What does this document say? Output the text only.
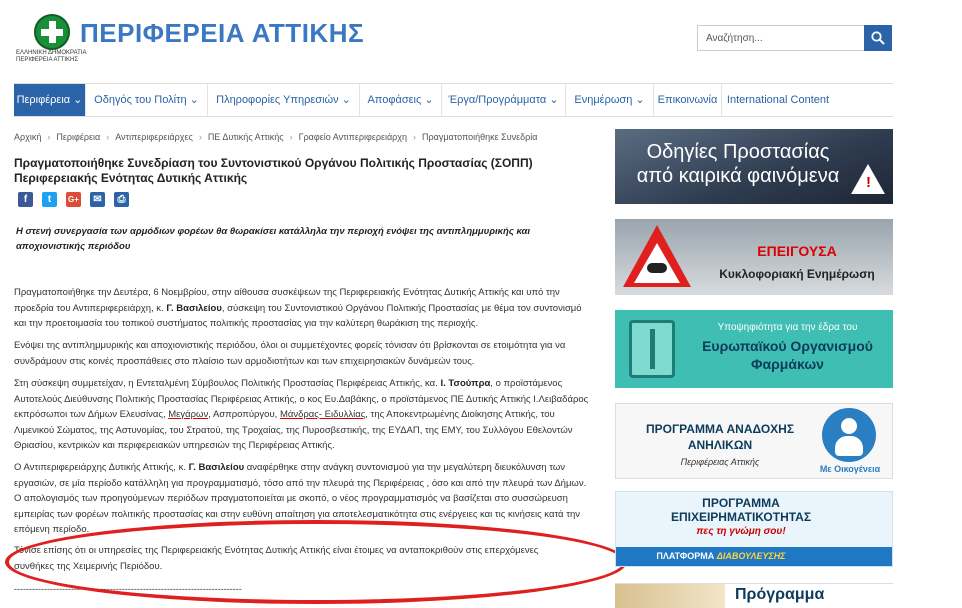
ΠΕΡΙΦΕΡΕΙΑ ΑΤΤΙΚΗΣ
ΕΛΛΗΝΙΚΗ ΔΗΜΟΚΡΑΤΙΑ
ΠΕΡΙΦΕΡΕΙΑ ΑΤΤΙΚΗΣ
Αναζήτηση...
Περιφέρεια ⌄	Οδηγός του Πολίτη ⌄	Πληροφορίες Υπηρεσιών ⌄	Αποφάσεις ⌄	Έργα/Προγράμματα ⌄	Ενημέρωση ⌄	Επικοινωνία International Content
Αρχική › Περιφέρεια › Αντιπεριφερειάρχες › ΠΕ Δυτικής Αττικής › Γραφείο Αντιπεριφερειάρχη › Πραγματοποιήθηκε Συνεδρία
Πραγματοποιήθηκε Συνεδρίαση του Συντονιστικού Οργάνου Πολιτικής Προστασίας (ΣΟΠΠ) Περιφερειακής Ενότητας Δυτικής Αττικής
f	t	G+	✉	⎙
Η στενή συνεργασία των αρμόδιων φορέων θα θωρακίσει κατάλληλα την περιοχή ενόψει της αντιπλημμυρικής και αποχιονιστικής περιόδου
Πραγματοποιήθηκε την Δευτέρα, 6 Νοεμβρίου, στην αίθουσα συσκέψεων της Περιφερειακής Ενότητας Δυτικής Αττικής και υπό την προεδρία του Αντιπεριφερειάρχη, κ. Γ. Βασιλείου, σύσκεψη του Συντονιστικού Οργάνου Πολιτικής Προστασίας με θέμα τον συντονισμό και την προετοιμασία του τοπικού συστήματος πολιτικής προστασίας για την καλύτερη θωράκιση της περιοχής.
Ενόψει της αντιπλημμυρικής και αποχιονιστικής περιόδου, όλοι οι συμμετέχοντες φορείς τόνισαν ότι βρίσκονται σε ετοιμότητα για να συνδράμουν στις κοινές προσπάθειες στο πλαίσιο των αρμοδιοτήτων και των επιχειρησιακών δυνάμεών τους.
Στη σύσκεψη συμμετείχαν, η Εντεταλμένη Σύμβουλος Πολιτικής Προστασίας Περιφέρειας Αττικής, κα. Ι. Τσούπρα, ο προϊστάμενος Αυτοτελούς Διεύθυνσης Πολιτικής Προστασίας Περιφέρειας Αττικής, ο κος Ευ.Δαβάκης, ο προϊστάμενος ΠΕ Δυτικής Αττικής Ι.Λειβαδάρος εκπρόσωποι των Δήμων Ελευσίνας, Μεγάρων, Ασπροπύργου, Μάνδρας- Ειδυλλίας, της Αποκεντρωμένης Διοίκησης Αττικής, του Λιμενικού Σώματος, της Αστυνομίας, του Στρατού, της Τροχαίας, της Πυροσβεστικής, της ΕΥΔΑΠ, της ΕΜΥ, του Συλλόγου Εθελοντών Θριασίου, κεντρικών και περιφερειακών υπηρεσιών της Περιφέρειας Αττικής.
Ο Αντιπεριφερειάρχης Δυτικής Αττικής, κ. Γ. Βασιλείου αναφέρθηκε στην ανάγκη συντονισμού για την μεγαλύτερη διευκόλυνση των εργασιών, σε μία περίοδο κατάλληλη για προγραμματισμό, τόσο από την πλευρά της Περιφέρειας , όσο και από την πλευρά των Δήμων. Ο απολογισμός των προηγούμενων περιόδων πραγματοποιείται με σκοπό, ο νέος προγραμματισμός να βασίζεται στο συσσώρευση εμπειρίας των φορέων πολιτικής προστασίας και στην ευθύνη απαίτηση για αποτελεσματικότητα στις ενέργειες και τις κινήσεις κατά την επόμενη περίοδο.
Τόνισε επίσης ότι οι υπηρεσίες της Περιφερειακής Ενότητας Δυτικής Αττικής είναι έτοιμες να ανταποκριθούν στις επερχόμενες συνθήκες της Χειμερινής Περιόδου.
----------------------------------------------------------------------------
Οδηγίες Προστασίας
από καιρικά φαινόμενα	!
ΕΠΕΙΓΟΥΣΑ
Κυκλοφοριακή Ενημέρωση
Υποψηφιότητα για την έδρα του
Ευρωπαϊκού Οργανισμού
Φαρμάκων
ΠΡΟΓΡΑΜΜΑ ΑΝΑΔΟΧΗΣ
ΑΝΗΛΙΚΩΝ
Περιφέρειας Αττικής
Με Οικογένεια
ΠΡΟΓΡΑΜΜΑ
ΕΠΙΧΕΙΡΗΜΑΤΙΚΟΤΗΤΑΣ
πες τη γνώμη σου!
ΠΛΑΤΦΟΡΜΑ ΔΙΑΒΟΥΛΕΥΣΗΣ
Πρόγραμμα
